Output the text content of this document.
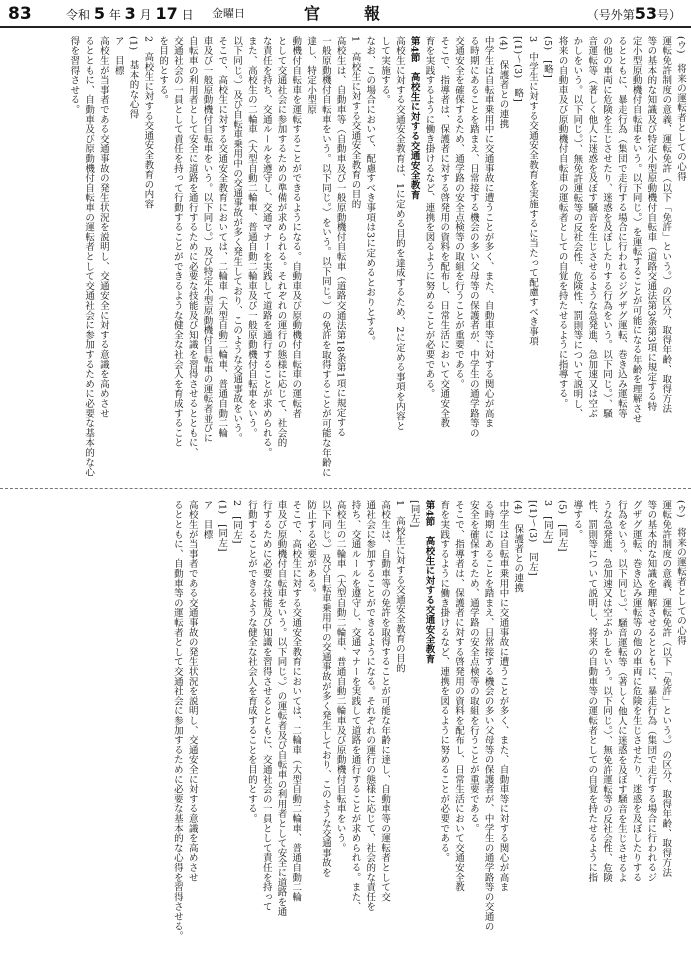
83	令和 5 年 3 月 17 日 金曜日	官報	（号外第53号）
(ウ)　将来の運転者としての心得
運転免許制度の意義、運転免許（以下「免許」という。）の区分、取得年齢、取得方法
等の基本的な知識及び特定小型原動機付自転車（道路交通法第3条第3項に規定する特
定小型原動機付自転車をいう。以下同じ。）を運転することが可能になる年齢を理解させ
るとともに、暴走行為（集団で走行する場合に行われるジグザグ運転、巻き込み運転等
の他の車両に危険を生じさせたり、迷惑を及ぼしたりする行為をいう。以下同じ。）、騒
音運転等（著しく他人に迷惑を及ぼす騒音を生じさせるような急発進、急加速又は空ぶ
かしをいう。以下同じ。）、無免許運転等の反社会性、危険性、罰則等について説明し、
将来の自動車及び原動機付自転車の運転者としての自覚を持たせるように指導する。
(5)　[略]
3　中学生に対する交通安全教育を実施するに当たって配慮すべき事項
[(1)～(3)　略]
(4)　保護者との連携
中学生は自転車乗用中に交通事故に遭うことが多く、また、自動車等に対する関心が高ま
る時期にあることを踏まえ、日常接する機会の多い父母等の保護者が、中学生の通学路等の
交通安全を確保するため、通学路の安全点検等の取組を行うことが重要である。
そこで、指導者は、保護者に対する啓発用の資料を配布し、日常生活において交通安全教
育を実践するように働き掛けるなど、連携を図るように努めることが必要である。
第4節　高校生に対する交通安全教育
高校生に対する交通安全教育は、1に定める目的を達成するため、2に定める事項を内容と
して実施する。
なお、この場合において、配慮すべき事項は3に定めるとおりとする。
1　高校生に対する交通安全教育の目的
高校生は、自動車等（自動車及び一般原動機付自転車（道路交通法第18条第1項に規定する
一般原動機付自転車をいう。以下同じ。）をいう。以下同じ。）の免許を取得することが可能な年齢に達し、特定小型原
動機付自転車を運転することができるようになる。自動車及び原動機付自転車の運転者
として交通社会に参加するための準備が求められる。それぞれの運行の態様に応じて、社会的
な責任を持ち、交通ルールを遵守し、交通マナーを実践して道路を通行することが求められる。
また、高校生の二輪車（大型自動二輪車、普通自動二輪車及び一般原動機付自転車をいう。
以下同じ。）及び自転車乗用中の交通事故が多く発生しており、このような交通事故をいう。
そこで、高校生に対する交通安全教育においては、二輪車（大型自動二輪車、普通自動二輪
車及び一般原動機付自転車をいう。以下同じ。）及び特定小型原動機付自転車の運転者並びに
自転車の利用者として安全に道路を通行するために必要な技能及び知識を習得させるとともに、
交通社会の一員として責任を持って行動することができるような健全な社会人を育成すること
を目的とする。
2　高校生に対する交通安全教育の内容
(1)　基本的な心得
ア　目標
高校生が当事者である交通事故の発生状況を説明し、交通安全に対する意識を高めさせ
るとともに、自動車及び原動機付自転車の運転者として交通社会に参加するために必要な基本的な心
得を習得させる。
(ウ)　将来の運転者としての心得
運転免許制度の意義、運転免許（以下「免許」という。）の区分、取得年齢、取得方法
等の基本的な知識を理解させるとともに、暴走行為（集団で走行する場合に行われるジ
グザグ運転、巻き込み運転等の他の車両に危険を生じさせたり、迷惑を及ぼしたりする
行為をいう。以下同じ。）、騒音運転等（著しく他人に迷惑を及ぼす騒音を生じさせるよ
うな急発進、急加速又は空ぶかしをいう。以下同じ。）、無免許運転等の反社会性、危険
性、罰則等について説明し、将来の自動車等の運転者としての自覚を持たせるように指
導する。
(5)　[同左]
3　[同左]
[(1)～(3)　同左]
(4)　保護者との連携
中学生は自転車乗用中に交通事故に遭うことが多く、また、自動車等に対する関心が高ま
る時期にあることを踏まえ、日常接する機会の多い父母等の保護者が、中学生の通学路等の交通の
安全を確保するため、通学路の安全点検等の取組を行うことが重要である。
そこで、指導者は、保護者に対する啓発用の資料を配布し、日常生活において交通安全教
育を実践するように働き掛けるなど、連携を図るように努めることが必要である。
第4節　高校生に対する交通安全教育
[同左]
1　高校生に対する交通安全教育の目的
高校生は、自動車等の免許を取得することが可能な年齢に達し、自動車等の運転者として交
通社会に参加することができるようになる。それぞれの運行の態様に応じて、社会的な責任を
持ち、交通ルールを遵守し、交通マナーを実践して道路を通行することが求められる。また、
高校生の二輪車（大型自動二輪車、普通自動二輪車及び原動機付自転車をいう。
以下同じ。）及び自転車乗用中の交通事故が多く発生しており、このような交通事故を
防止する必要がある。
そこで、高校生に対する交通安全教育においては、二輪車（大型自動二輪車、普通自動二輪
車及び原動機付自転車をいう。以下同じ。）の運転者及び自転車の利用者として安全に道路を通
行するために必要な技能及び知識を習得させるとともに、交通社会の一員として責任を持って
行動することができるような健全な社会人を育成することを目的とする。
2　[同左]
(1)　[同左]
ア　目標
高校生が当事者である交通事故の発生状況を説明し、交通安全に対する意識を高めさせ
るとともに、自動車等の運転者として交通社会に参加するために必要な基本的な心得を習得させる。
